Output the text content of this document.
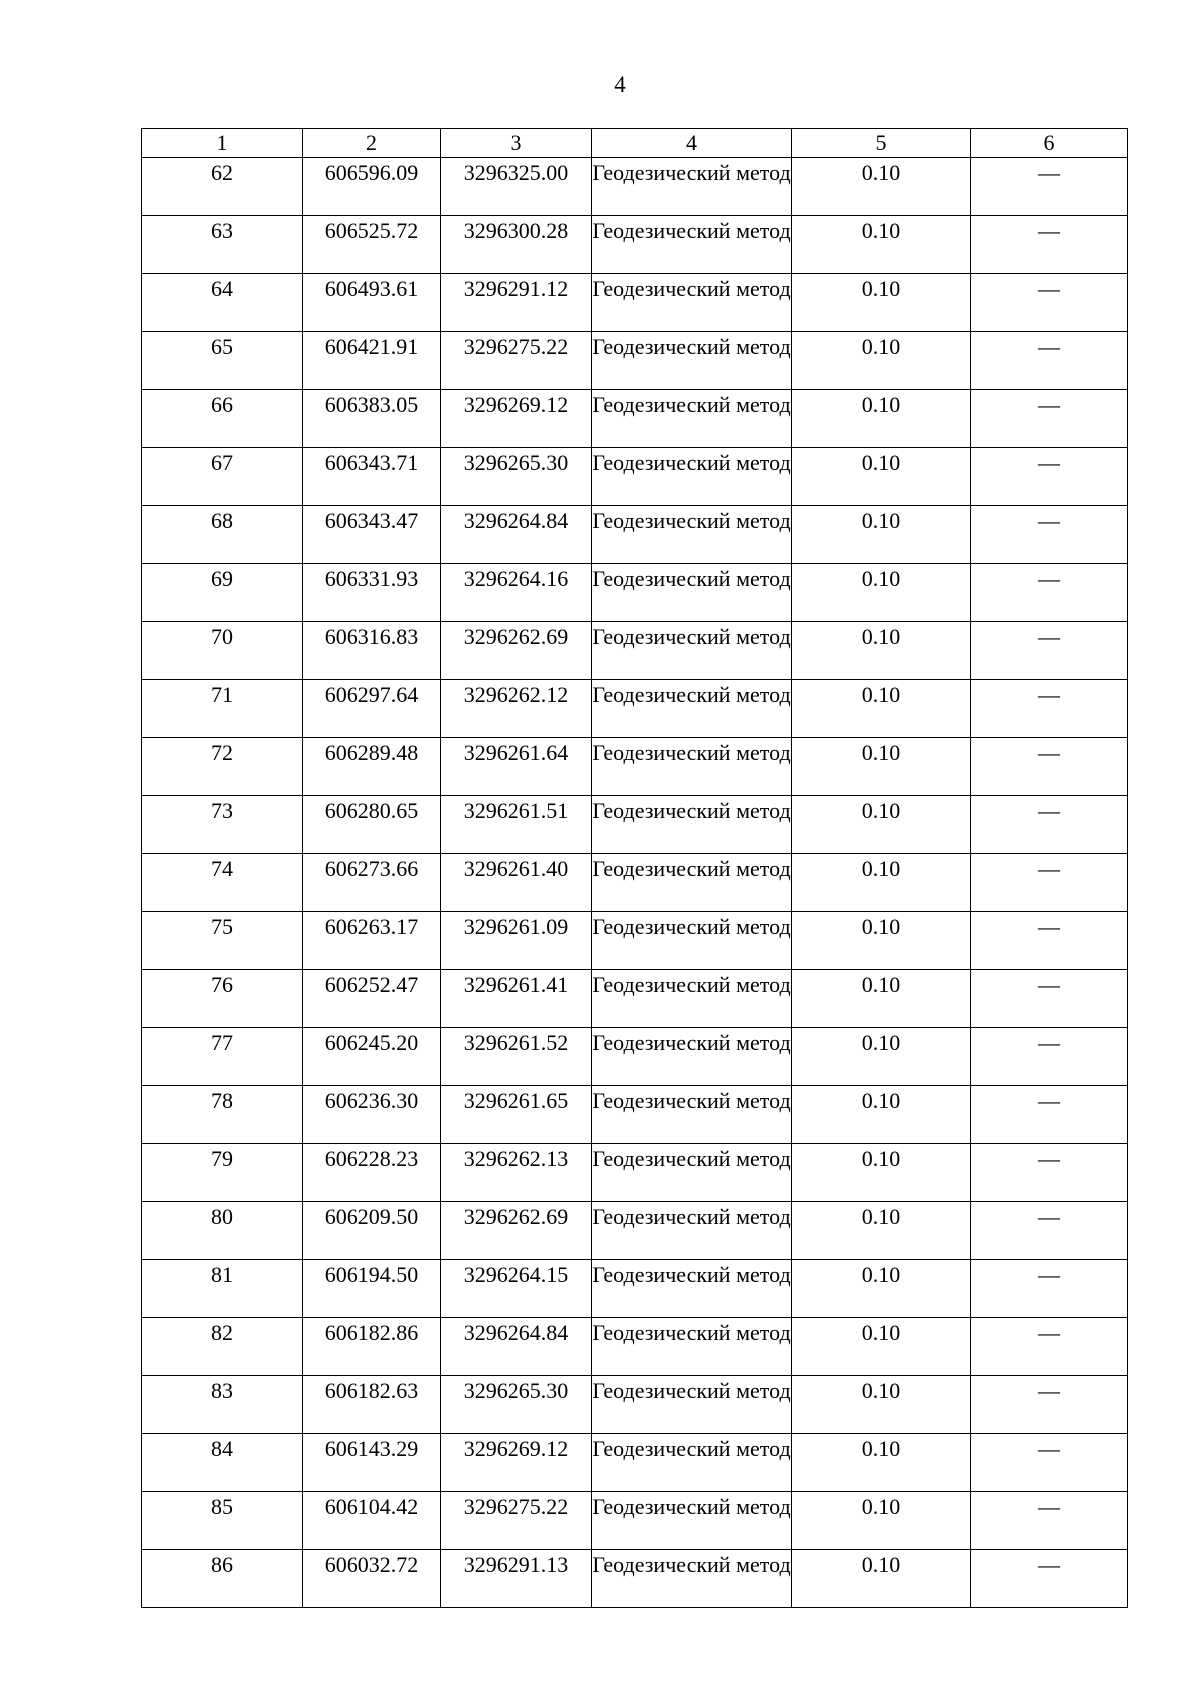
4
1	2	3	4	5	6
62	606596.09	3296325.00	Геодезический метод	0.10	—
63	606525.72	3296300.28	Геодезический метод	0.10	—
64	606493.61	3296291.12	Геодезический метод	0.10	—
65	606421.91	3296275.22	Геодезический метод	0.10	—
66	606383.05	3296269.12	Геодезический метод	0.10	—
67	606343.71	3296265.30	Геодезический метод	0.10	—
68	606343.47	3296264.84	Геодезический метод	0.10	—
69	606331.93	3296264.16	Геодезический метод	0.10	—
70	606316.83	3296262.69	Геодезический метод	0.10	—
71	606297.64	3296262.12	Геодезический метод	0.10	—
72	606289.48	3296261.64	Геодезический метод	0.10	—
73	606280.65	3296261.51	Геодезический метод	0.10	—
74	606273.66	3296261.40	Геодезический метод	0.10	—
75	606263.17	3296261.09	Геодезический метод	0.10	—
76	606252.47	3296261.41	Геодезический метод	0.10	—
77	606245.20	3296261.52	Геодезический метод	0.10	—
78	606236.30	3296261.65	Геодезический метод	0.10	—
79	606228.23	3296262.13	Геодезический метод	0.10	—
80	606209.50	3296262.69	Геодезический метод	0.10	—
81	606194.50	3296264.15	Геодезический метод	0.10	—
82	606182.86	3296264.84	Геодезический метод	0.10	—
83	606182.63	3296265.30	Геодезический метод	0.10	—
84	606143.29	3296269.12	Геодезический метод	0.10	—
85	606104.42	3296275.22	Геодезический метод	0.10	—
86	606032.72	3296291.13	Геодезический метод	0.10	—
